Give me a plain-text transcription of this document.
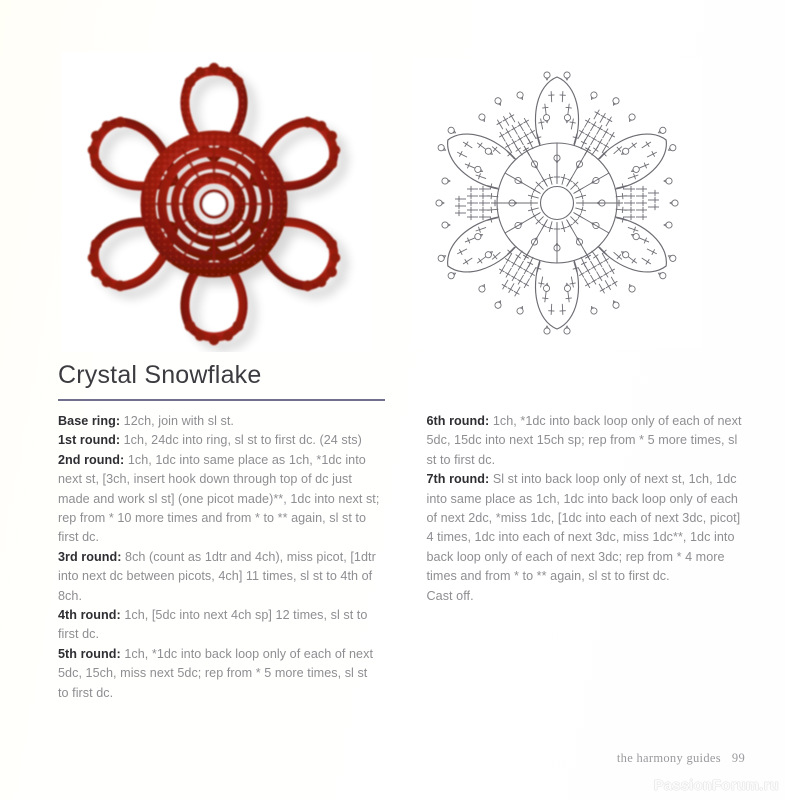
Crystal Snowflake

Base ring: 12ch, join with sl st.

1st round: 1ch, 24dc into ring, sl st to first dc. (24 sts)

2nd round: 1ch, 1dc into same place as 1ch, *1dc into next st, [3ch, insert hook down through top of dc just made and work sl st] (one picot made)**, 1dc into next st; rep from * 10 more times and from * to ** again, sl st to first dc.

3rd round: 8ch (count as 1dtr and 4ch), miss picot, [1dtr into next dc between picots, 4ch] 11 times, sl st to 4th of 8ch.

4th round: 1ch, [5dc into next 4ch sp] 12 times, sl st to first dc.

5th round: 1ch, *1dc into back loop only of each of next 5dc, 15ch, miss next 5dc; rep from * 5 more times, sl st to first dc.

6th round: 1ch, *1dc into back loop only of each of next 5dc, 15dc into next 15ch sp; rep from * 5 more times, sl st to first dc.

7th round: Sl st into back loop only of next st, 1ch, 1dc into same place as 1ch, 1dc into back loop only of each of next 2dc, *miss 1dc, [1dc into each of next 3dc, picot] 4 times, 1dc into each of next 3dc, miss 1dc**, 1dc into back loop only of each of next 3dc; rep from * 4 more times and from * to ** again, sl st to first dc.

Cast off.

the harmony guides 99
PassionForum.ru
